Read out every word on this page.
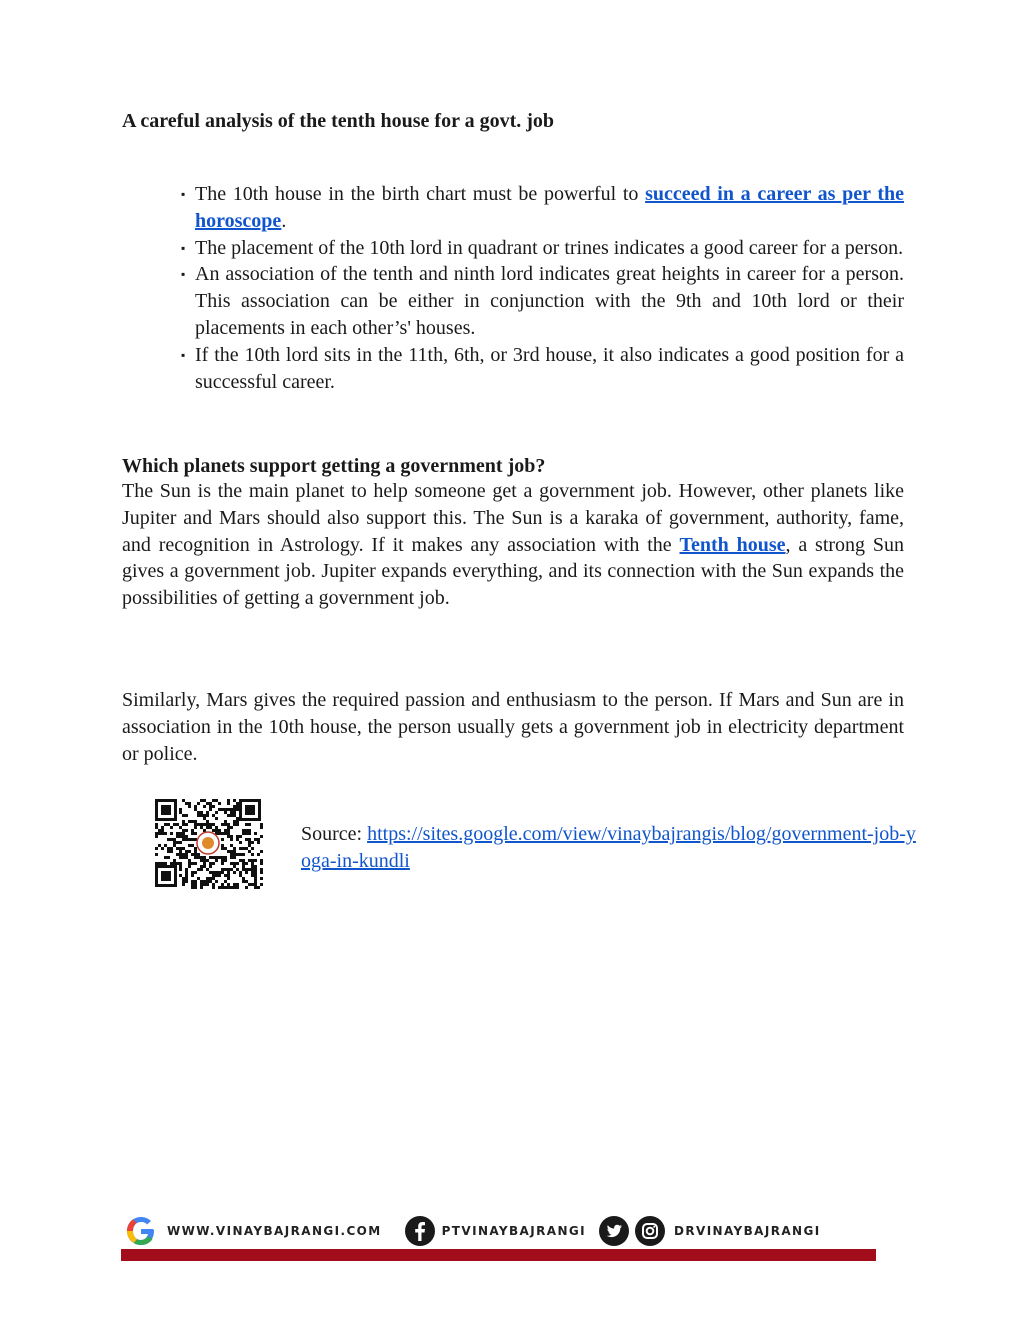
A careful analysis of the tenth house for a govt. job
▪ The 10th house in the birth chart must be powerful to succeed in a career as per the horoscope.
▪ The placement of the 10th lord in quadrant or trines indicates a good career for a person.
▪ An association of the tenth and ninth lord indicates great heights in career for a person. This association can be either in conjunction with the 9th and 10th lord or their placements in each other’s' houses.
▪ If the 10th lord sits in the 11th, 6th, or 3rd house, it also indicates a good position for a successful career.
Which planets support getting a government job?

The Sun is the main planet to help someone get a government job. However, other planets like Jupiter and Mars should also support this. The Sun is a karaka of government, authority, fame, and recognition in Astrology. If it makes any association with the Tenth house, a strong Sun gives a government job. Jupiter expands everything, and its connection with the Sun expands the possibilities of getting a government job.

Similarly, Mars gives the required passion and enthusiasm to the person. If Mars and Sun are in association in the 10th house, the person usually gets a government job in electricity department or police.

Source: https://sites.google.com/view/vinaybajrangis/blog/government-job-yoga-in-kundli

WWW.VINAYBAJRANGI.COM	PTVINAYBAJRANGI	DRVINAYBAJRANGI
